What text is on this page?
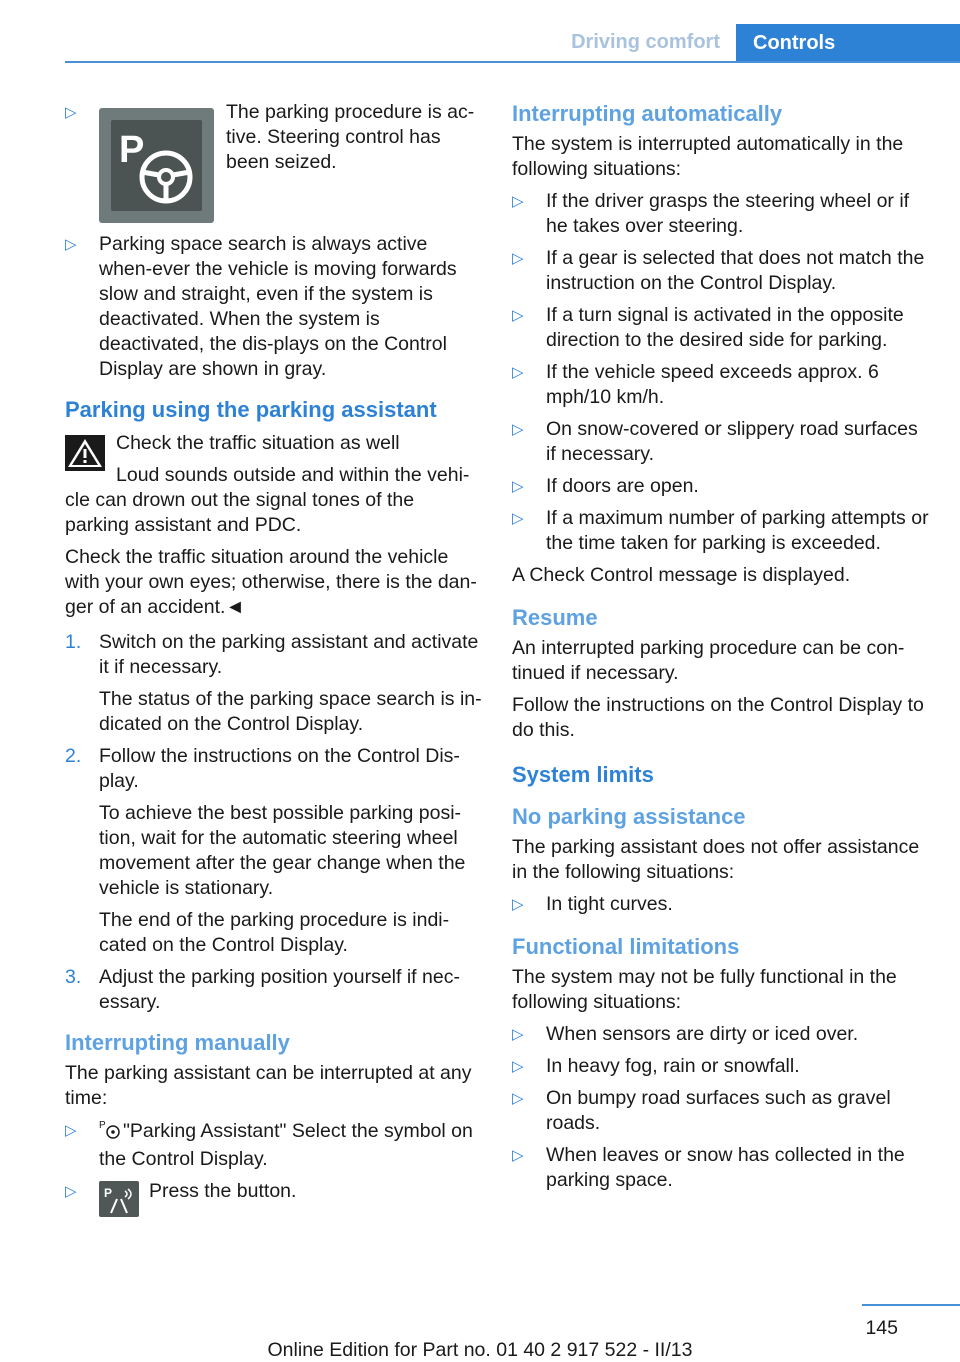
Driving comfort	Controls
▷
P

The parking procedure is ac-tive. Steering control has been seized.

▷ Parking space search is always active when-ever the vehicle is moving forwards slow and straight, even if the system is deactivated. When the system is deactivated, the dis-plays on the Control Display are shown in gray.

Parking using the parking assistant

Check the traffic situation as well

Loud sounds outside and within the vehi-cle can drown out the signal tones of the parking assistant and PDC.

Check the traffic situation around the vehicle with your own eyes; otherwise, there is the dan-ger of an accident.◄

1. Switch on the parking assistant and activate it if necessary.

The status of the parking space search is in-dicated on the Control Display.

2. Follow the instructions on the Control Dis-play.

To achieve the best possible parking posi-tion, wait for the automatic steering wheel movement after the gear change when the vehicle is stationary.

The end of the parking procedure is indi-cated on the Control Display.

3. Adjust the parking position yourself if nec-essary.

Interrupting manually

The parking assistant can be interrupted at any time:

▷ P "Parking Assistant" Select the symbol on the Control Display.

▷ P Press the button.

Interrupting automatically

The system is interrupted automatically in the following situations:

▷ If the driver grasps the steering wheel or if he takes over steering.

▷ If a gear is selected that does not match the instruction on the Control Display.

▷ If a turn signal is activated in the opposite direction to the desired side for parking.

▷ If the vehicle speed exceeds approx. 6 mph/10 km/h.

▷ On snow-covered or slippery road surfaces if necessary.

▷ If doors are open.

▷ If a maximum number of parking attempts or the time taken for parking is exceeded.

A Check Control message is displayed.

Resume

An interrupted parking procedure can be con-tinued if necessary.

Follow the instructions on the Control Display to do this.

System limits
No parking assistance

The parking assistant does not offer assistance in the following situations:

▷ In tight curves.

Functional limitations

The system may not be fully functional in the following situations:

▷ When sensors are dirty or iced over.

▷ In heavy fog, rain or snowfall.

▷ On bumpy road surfaces such as gravel roads.

▷ When leaves or snow has collected in the parking space.

145
Online Edition for Part no. 01 40 2 917 522 - II/13
